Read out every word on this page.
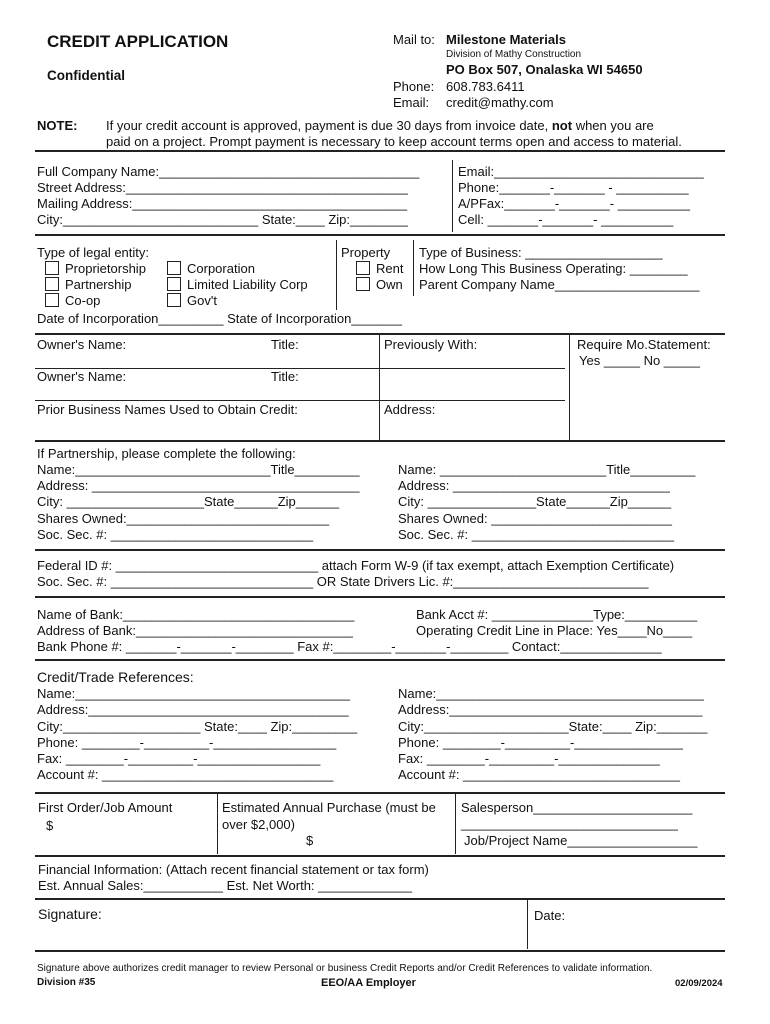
CREDIT APPLICATION
Confidential
Mail to: Milestone Materials
Division of Mathy Construction
PO Box 507, Onalaska WI 54650
Phone: 608.783.6411
Email: credit@mathy.com
NOTE: If your credit account is approved, payment is due 30 days from invoice date, not when you are
paid on a project. Prompt payment is necessary to keep account terms open and access to material.
Full Company Name:____________________________________
Street Address:_______________________________________
Mailing Address:______________________________________
City:___________________________ State:____ Zip:________
Email:_____________________________
Phone:_______-_______ - __________
A/PFax:_______-_______- __________
Cell: _______-_______- __________
Type of legal entity:
Proprietorship
Partnership
Co-op
Corporation
Limited Liability Corp
Gov't
Property
Rent
Own
Type of Business: ___________________
How Long This Business Operating: ________
Parent Company Name____________________
Date of Incorporation_________ State of Incorporation_______
Owner's Name:	Title:	Previously With:	Require Mo.Statement:
Yes _____ No _____
Owner's Name:	Title:
Prior Business Names Used to Obtain Credit:	Address:
If Partnership, please complete the following:
Name:___________________________Title_________
Address: _____________________________________
City: ___________________State______Zip______
Shares Owned:____________________________
Soc. Sec. #: ____________________________
Name: _______________________Title_________
Address: ______________________________
City: _______________State______Zip______
Shares Owned: _________________________
Soc. Sec. #: ____________________________
Federal ID #: ____________________________ attach Form W-9 (if tax exempt, attach Exemption Certificate)
Soc. Sec. #: ____________________________ OR State Drivers Lic. #:___________________________
Name of Bank:________________________________
Address of Bank:______________________________
Bank Phone #: _______-_______-________ Fax #:________-_______-________ Contact:______________
Bank Acct #: ______________Type:__________
Operating Credit Line in Place: Yes____No____
Credit/Trade References:
Name:______________________________________
Address:____________________________________
City:___________________ State:____ Zip:_________
Phone: ________-_________-_________________
Fax: ________-_________-_________________
Account #: ________________________________
Name:_____________________________________
Address:___________________________________
City:____________________State:____ Zip:_______
Phone: ________-_________-_______________
Fax: ________-_________-______________
Account #: ______________________________
First Order/Job Amount
$
Estimated Annual Purchase (must be
over $2,000)
$
Salesperson______________________
______________________________
Job/Project Name__________________
Financial Information: (Attach recent financial statement or tax form)
Est. Annual Sales:___________ Est. Net Worth: _____________
Signature:	Date:
Signature above authorizes credit manager to review Personal or business Credit Reports and/or Credit References to validate information.
Division #35	EEO/AA Employer	02/09/2024
